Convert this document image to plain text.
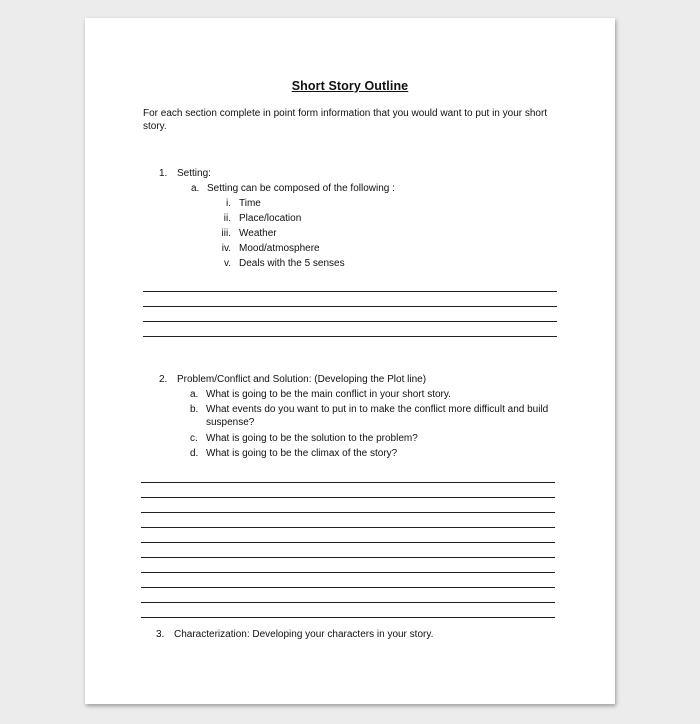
Short Story Outline
For each section complete in point form information that you would want to put in your short
story.
1. Setting:
a. Setting can be composed of the following :
i. Time
ii. Place/location
iii. Weather
iv. Mood/atmosphere
v. Deals with the 5 senses
2. Problem/Conflict and Solution: (Developing the Plot line)
a. What is going to be the main conflict in your short story.
b. What events do you want to put in to make the conflict more difficult and build
suspense?
c. What is going to be the solution to the problem?
d. What is going to be the climax of the story?
3. Characterization: Developing your characters in your story.
